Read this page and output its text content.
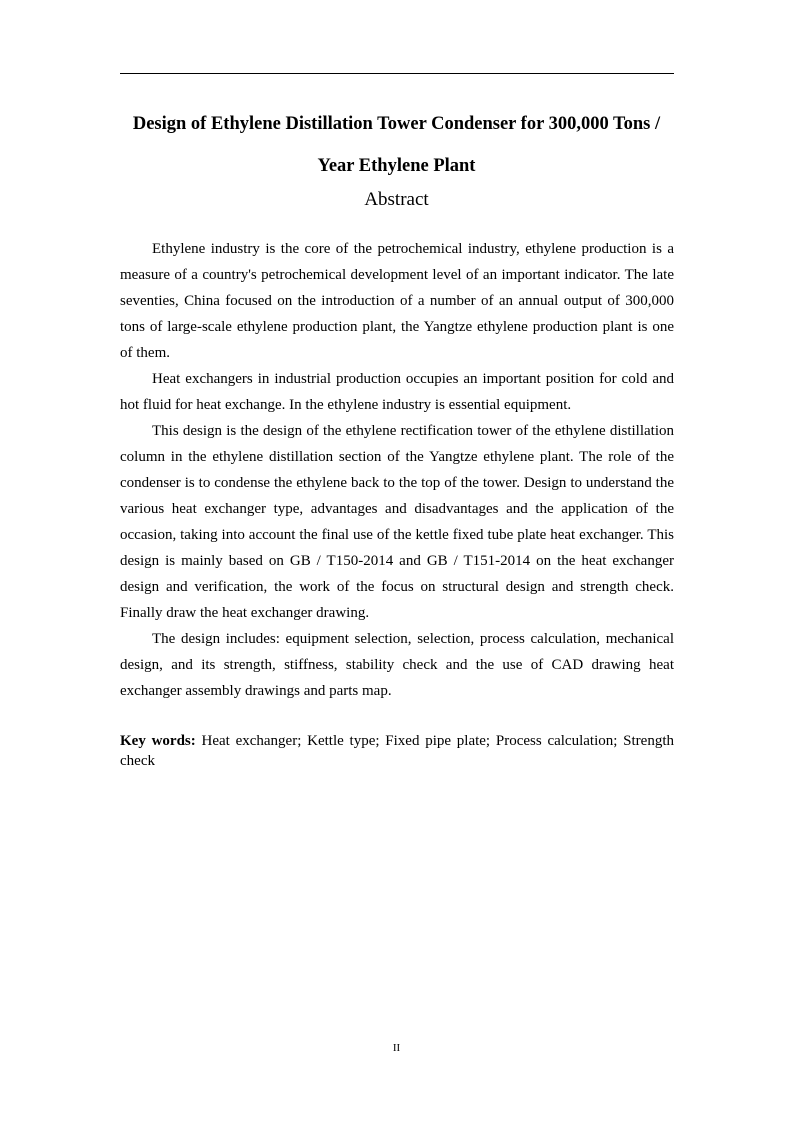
Design of Ethylene Distillation Tower Condenser for 300,000 Tons /
Year Ethylene Plant
Abstract

Ethylene industry is the core of the petrochemical industry, ethylene production is a measure of a country's petrochemical development level of an important indicator. The late seventies, China focused on the introduction of a number of an annual output of 300,000 tons of large-scale ethylene production plant, the Yangtze ethylene production plant is one of them.

Heat exchangers in industrial production occupies an important position for cold and hot fluid for heat exchange. In the ethylene industry is essential equipment.

This design is the design of the ethylene rectification tower of the ethylene distillation column in the ethylene distillation section of the Yangtze ethylene plant. The role of the condenser is to condense the ethylene back to the top of the tower. Design to understand the various heat exchanger type, advantages and disadvantages and the application of the occasion, taking into account the final use of the kettle fixed tube plate heat exchanger. This design is mainly based on GB / T150-2014 and GB / T151-2014 on the heat exchanger design and verification, the work of the focus on structural design and strength check. Finally draw the heat exchanger drawing.

The design includes: equipment selection, selection, process calculation, mechanical design, and its strength, stiffness, stability check and the use of CAD drawing heat exchanger assembly drawings and parts map.

Key words: Heat exchanger; Kettle type; Fixed pipe plate; Process calculation; Strength check
II
